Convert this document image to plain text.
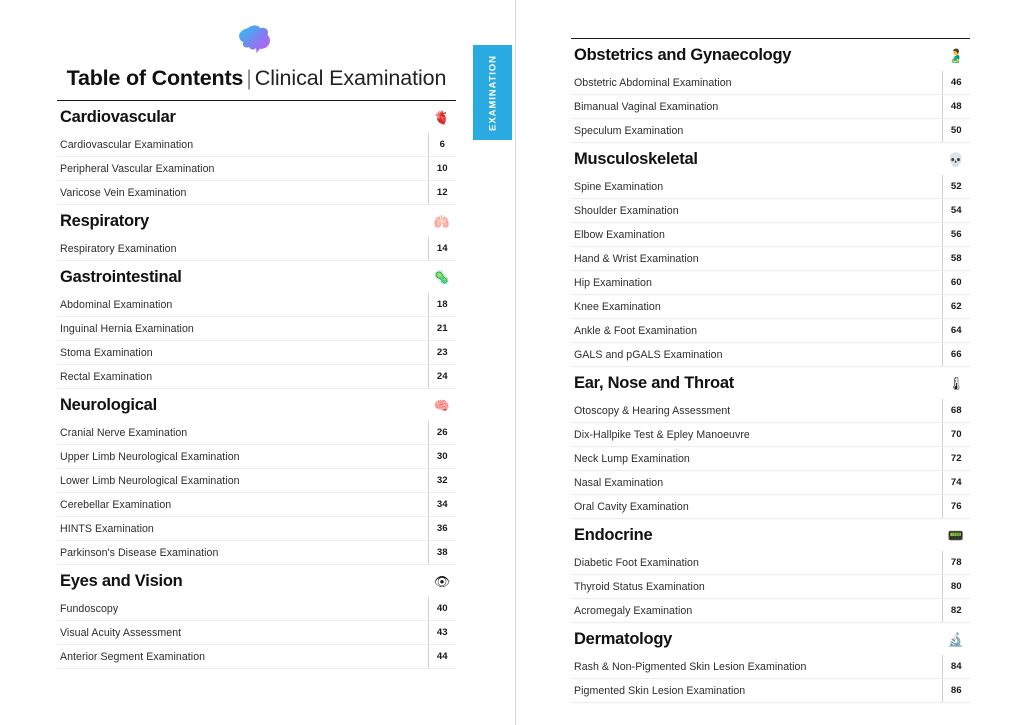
Table of Contents | Clinical Examination
Cardiovascular	🫀
Cardiovascular Examination	6
Peripheral Vascular Examination	10
Varicose Vein Examination	12
Respiratory	🫁
Respiratory Examination	14
Gastrointestinal	🦠
Abdominal Examination	18
Inguinal Hernia Examination	21
Stoma Examination	23
Rectal Examination	24
Neurological	🧠
Cranial Nerve Examination	26
Upper Limb Neurological Examination	30
Lower Limb Neurological Examination	32
Cerebellar Examination	34
HINTS Examination	36
Parkinson's Disease Examination	38
Eyes and Vision	👁
Fundoscopy	40
Visual Acuity Assessment	43
Anterior Segment Examination	44
EXAMINATION
Obstetrics and Gynaecology	🫃
Obstetric Abdominal Examination	46
Bimanual Vaginal Examination	48
Speculum Examination	50
Musculoskeletal	💀
Spine Examination	52
Shoulder Examination	54
Elbow Examination	56
Hand & Wrist Examination	58
Hip Examination	60
Knee Examination	62
Ankle & Foot Examination	64
GALS and pGALS Examination	66
Ear, Nose and Throat	🌡
Otoscopy & Hearing Assessment	68
Dix-Hallpike Test & Epley Manoeuvre	70
Neck Lump Examination	72
Nasal Examination	74
Oral Cavity Examination	76
Endocrine	📟
Diabetic Foot Examination	78
Thyroid Status Examination	80
Acromegaly Examination	82
Dermatology	🔬
Rash & Non-Pigmented Skin Lesion Examination	84
Pigmented Skin Lesion Examination	86
